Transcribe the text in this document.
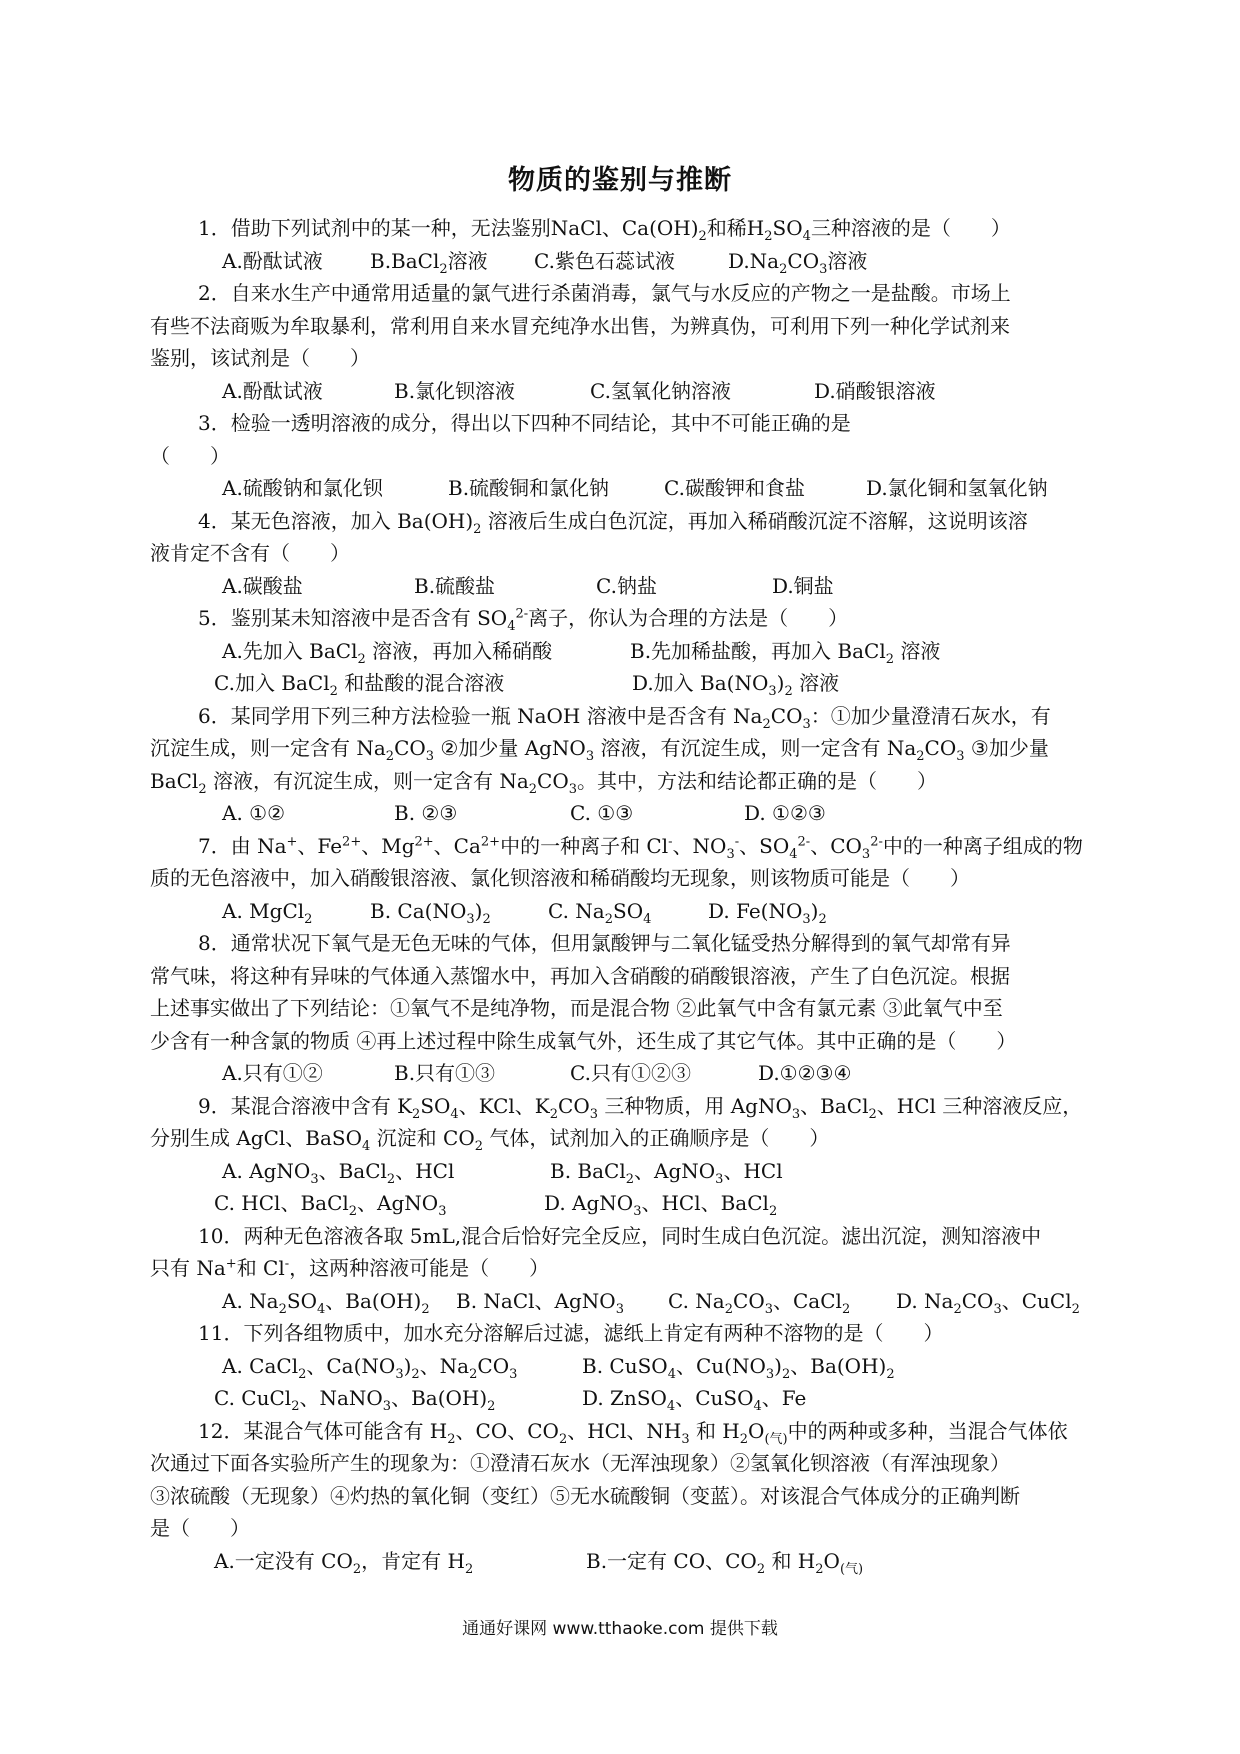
物质的鉴别与推断
1．借助下列试剂中的某一种，无法鉴别NaCl、$Ca(OH)_2$和稀$H_2SO_4$三种溶液的是（　　）
A.酚酞试液 B.BaCl$_2$溶液 C.紫色石蕊试液	$D.Na_2CO_3$溶液
2．自来水生产中通常用适量的氯气进行杀菌消毒，氯气与水反应的产物之一是盐酸。市场上
有些不法商贩为牟取暴利，常利用自来水冒充纯净水出售，为辨真伪，可利用下列一种化学试剂来
鉴别，该试剂是（　　）
A.酚酞试液	B.氯化钡溶液	C.氢氧化钠溶液	D.硝酸银溶液
3．检验一透明溶液的成分，得出以下四种不同结论，其中不可能正确的是
（　　）
A.硫酸钠和氯化钡	B.硫酸铜和氯化钠	C.碳酸钾和食盐	D.氯化铜和氢氧化钠
4．某无色溶液，加入 $Ba(OH)_2$ 溶液后生成白色沉淀，再加入稀硝酸沉淀不溶解，这说明该溶
液肯定不含有（　　）
A.碳酸盐	B.硫酸盐	C.钠盐	D.铜盐
5．鉴别某未知溶液中是否含有 $SO_4^{2-}$离子，你认为合理的方法是（　　）
A.先加入 BaCl$_2$ 溶液，再加入稀硝酸	B.先加稀盐酸，再加入 BaCl$_2$ 溶液
C.加入 BaCl$_2$ 和盐酸的混合溶液	D.加入 $Ba(NO_3)_2$ 溶液
6．某同学用下列三种方法检验一瓶 NaOH 溶液中是否含有 $Na_2CO_3$：①加少量澄清石灰水，有
沉淀生成，则一定含有 $Na_2CO_3$ ②加少量 AgNO$_3$ 溶液，有沉淀生成，则一定含有 $Na_2CO_3$ ③加少量
BaCl$_2$ 溶液，有沉淀生成，则一定含有 $Na_2CO_3$。其中，方法和结论都正确的是（　　）
A. ①②	B. ②③	C. ①③	D. ①②③
7．由 Na+、$Fe^{2+}$、$Mg^{2+}$、$Ca^{2+}$中的一种离子和 Cl-、$NO_3^-$、$SO_4^{2-}$、$CO_3^{2-}$中的一种离子组成的物
质的无色溶液中，加入硝酸银溶液、氯化钡溶液和稀硝酸均无现象，则该物质可能是（　　）
A. MgCl$_2$	B. $Ca(NO_3)_2$	C. $Na_2SO_4$	D. $Fe(NO_3)_2$
8．通常状况下氧气是无色无味的气体，但用氯酸钾与二氧化锰受热分解得到的氧气却常有异
常气味，将这种有异味的气体通入蒸馏水中，再加入含硝酸的硝酸银溶液，产生了白色沉淀。根据
上述事实做出了下列结论：①氧气不是纯净物，而是混合物 ②此氧气中含有氯元素 ③此氧气中至
少含有一种含氯的物质 ④再上述过程中除生成氧气外，还生成了其它气体。其中正确的是（　　）
A.只有①②	B.只有①③	C.只有①②③	D.①②③④
9．某混合溶液中含有 $K_2SO_4$、KCl、$K_2CO_3$ 三种物质，用 AgNO$_3$、BaCl$_2$、HCl 三种溶液反应，
分别生成 AgCl、BaSO$_4$ 沉淀和 $CO_2$ 气体，试剂加入的正确顺序是（　　）
A. AgNO$_3$、BaCl$_2$、HCl	B. BaCl$_2$、AgNO$_3$、HCl
C. HCl、BaCl$_2$、AgNO$_3$	D. AgNO$_3$、HCl、BaCl$_2$
10．两种无色溶液各取 5mL,混合后恰好完全反应，同时生成白色沉淀。滤出沉淀，测知溶液中
只有 Na+和 Cl-，这两种溶液可能是（　　）
A. $Na_2SO_4$、$Ba(OH)_2$ B. NaCl、AgNO$_3$ C. $Na_2CO_3$、CaCl$_2$ D. $Na_2CO_3$、CuCl$_2$
11．下列各组物质中，加水充分溶解后过滤，滤纸上肯定有两种不溶物的是（　　）
A. CaCl$_2$、$Ca(NO_3)_2$、$Na_2CO_3$	B. CuSO$_4$、$Cu(NO_3)_2$、$Ba(OH)_2$
C. CuCl$_2$、NaNO$_3$、$Ba(OH)_2$	D. ZnSO$_4$、CuSO$_4$、Fe
12．某混合气体可能含有 $H_2$、CO、$CO_2$、HCl、$NH_3$ 和 $H_2O_{(气)}$中的两种或多种，当混合气体依
次通过下面各实验所产生的现象为：①澄清石灰水（无浑浊现象）②氢氧化钡溶液（有浑浊现象）
③浓硫酸（无现象）④灼热的氧化铜（变红）⑤无水硫酸铜（变蓝）。对该混合气体成分的正确判断
是（　　）
A.一定没有 $CO_2$，肯定有 $H_2$	B.一定有 CO、$CO_2$ 和 $H_2O_{(气)}$
通通好课网 www.tthaoke.com 提供下载
